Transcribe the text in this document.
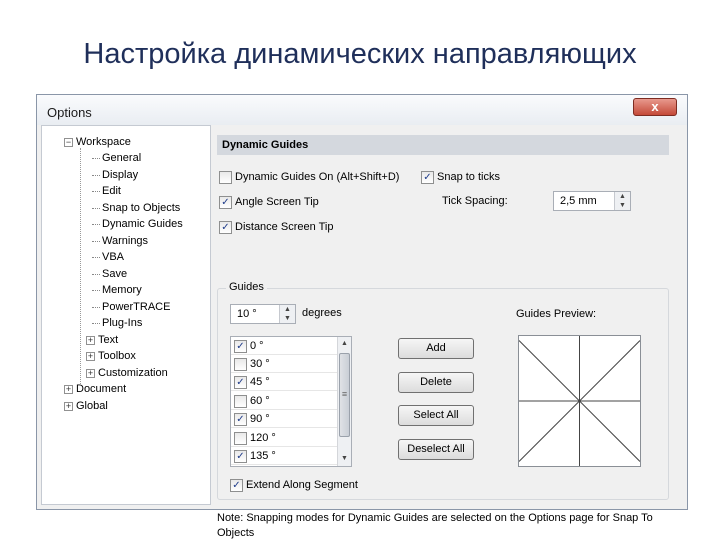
Настройка динамических направляющих
Options	x
− Workspace
General
Display
Edit
Snap to Objects
Dynamic Guides
Warnings
VBA
Save
Memory
PowerTRACE
Plug-Ins
+ Text
+ Toolbox
+ Customization
+ Document
+ Global
Dynamic Guides
Dynamic Guides On (Alt+Shift+D) ✓ Snap to ticks
✓ Angle Screen Tip
✓ Distance Screen Tip
Tick Spacing:	2,5 mm	▲
▼
Guides
10 °	▲
▼	degrees	Guides Preview:
✓ 0 °
30 °
✓ 45 °
60 °
✓ 90 °
120 °
✓ 135 °
▲
≡
▼
Add
Delete
Select All
Deselect All
✓ Extend Along Segment
Note: Snapping modes for Dynamic Guides are selected on the Options page for Snap To Objects
